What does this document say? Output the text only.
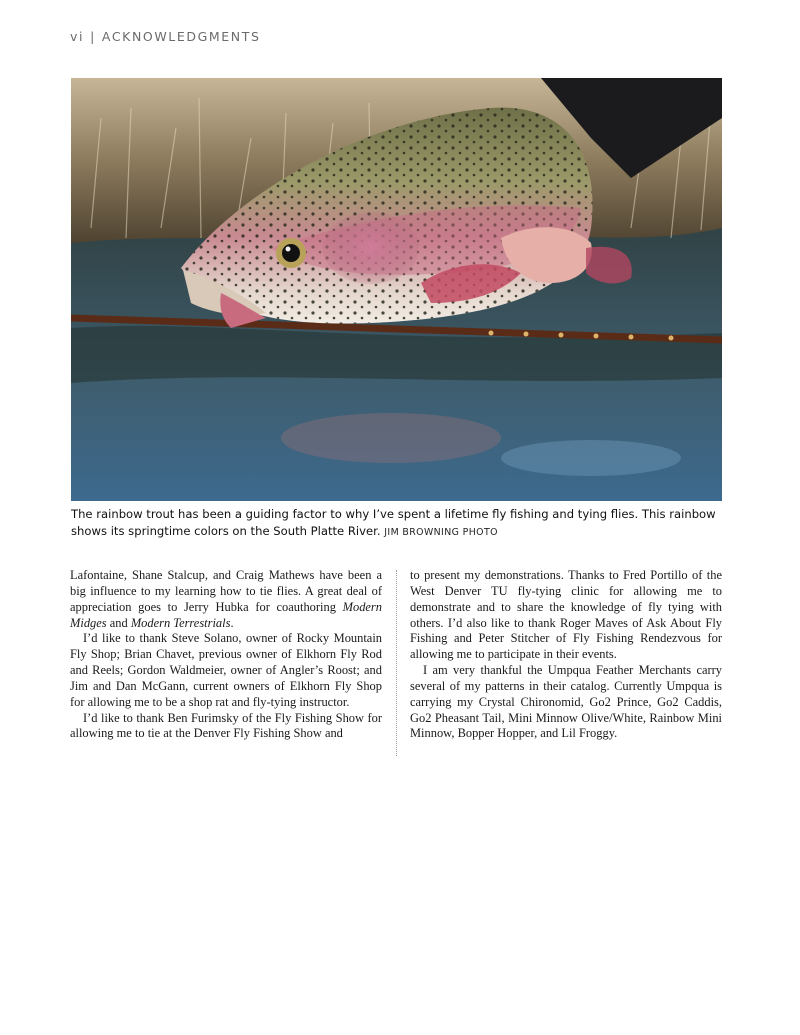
vi | ACKNOWLEDGMENTS
The rainbow trout has been a guiding factor to why I’ve spent a lifetime fly fishing and tying flies. This rainbow shows its springtime colors on the South Platte River. JIM BROWNING PHOTO

Lafontaine, Shane Stalcup, and Craig Mathews have been a big influence to my learning how to tie flies. A great deal of appreciation goes to Jerry Hubka for coauthoring Modern Midges and Modern Terrestrials.

I’d like to thank Steve Solano, owner of Rocky Mountain Fly Shop; Brian Chavet, previous owner of Elkhorn Fly Rod and Reels; Gordon Waldmeier, owner of Angler’s Roost; and Jim and Dan McGann, current owners of Elkhorn Fly Shop for allowing me to be a shop rat and fly-tying instructor.

I’d like to thank Ben Furimsky of the Fly Fishing Show for allowing me to tie at the Denver Fly Fishing Show and

to present my demonstrations. Thanks to Fred Portillo of the West Denver TU fly-tying clinic for allowing me to demonstrate and to share the knowledge of fly tying with others. I’d also like to thank Roger Maves of Ask About Fly Fishing and Peter Stitcher of Fly Fishing Rendezvous for allowing me to participate in their events.

I am very thankful the Umpqua Feather Merchants carry several of my patterns in their catalog. Currently Umpqua is carrying my Crystal Chironomid, Go2 Prince, Go2 Caddis, Go2 Pheasant Tail, Mini Minnow Olive/White, Rainbow Mini Minnow, Bopper Hopper, and Lil Froggy.
